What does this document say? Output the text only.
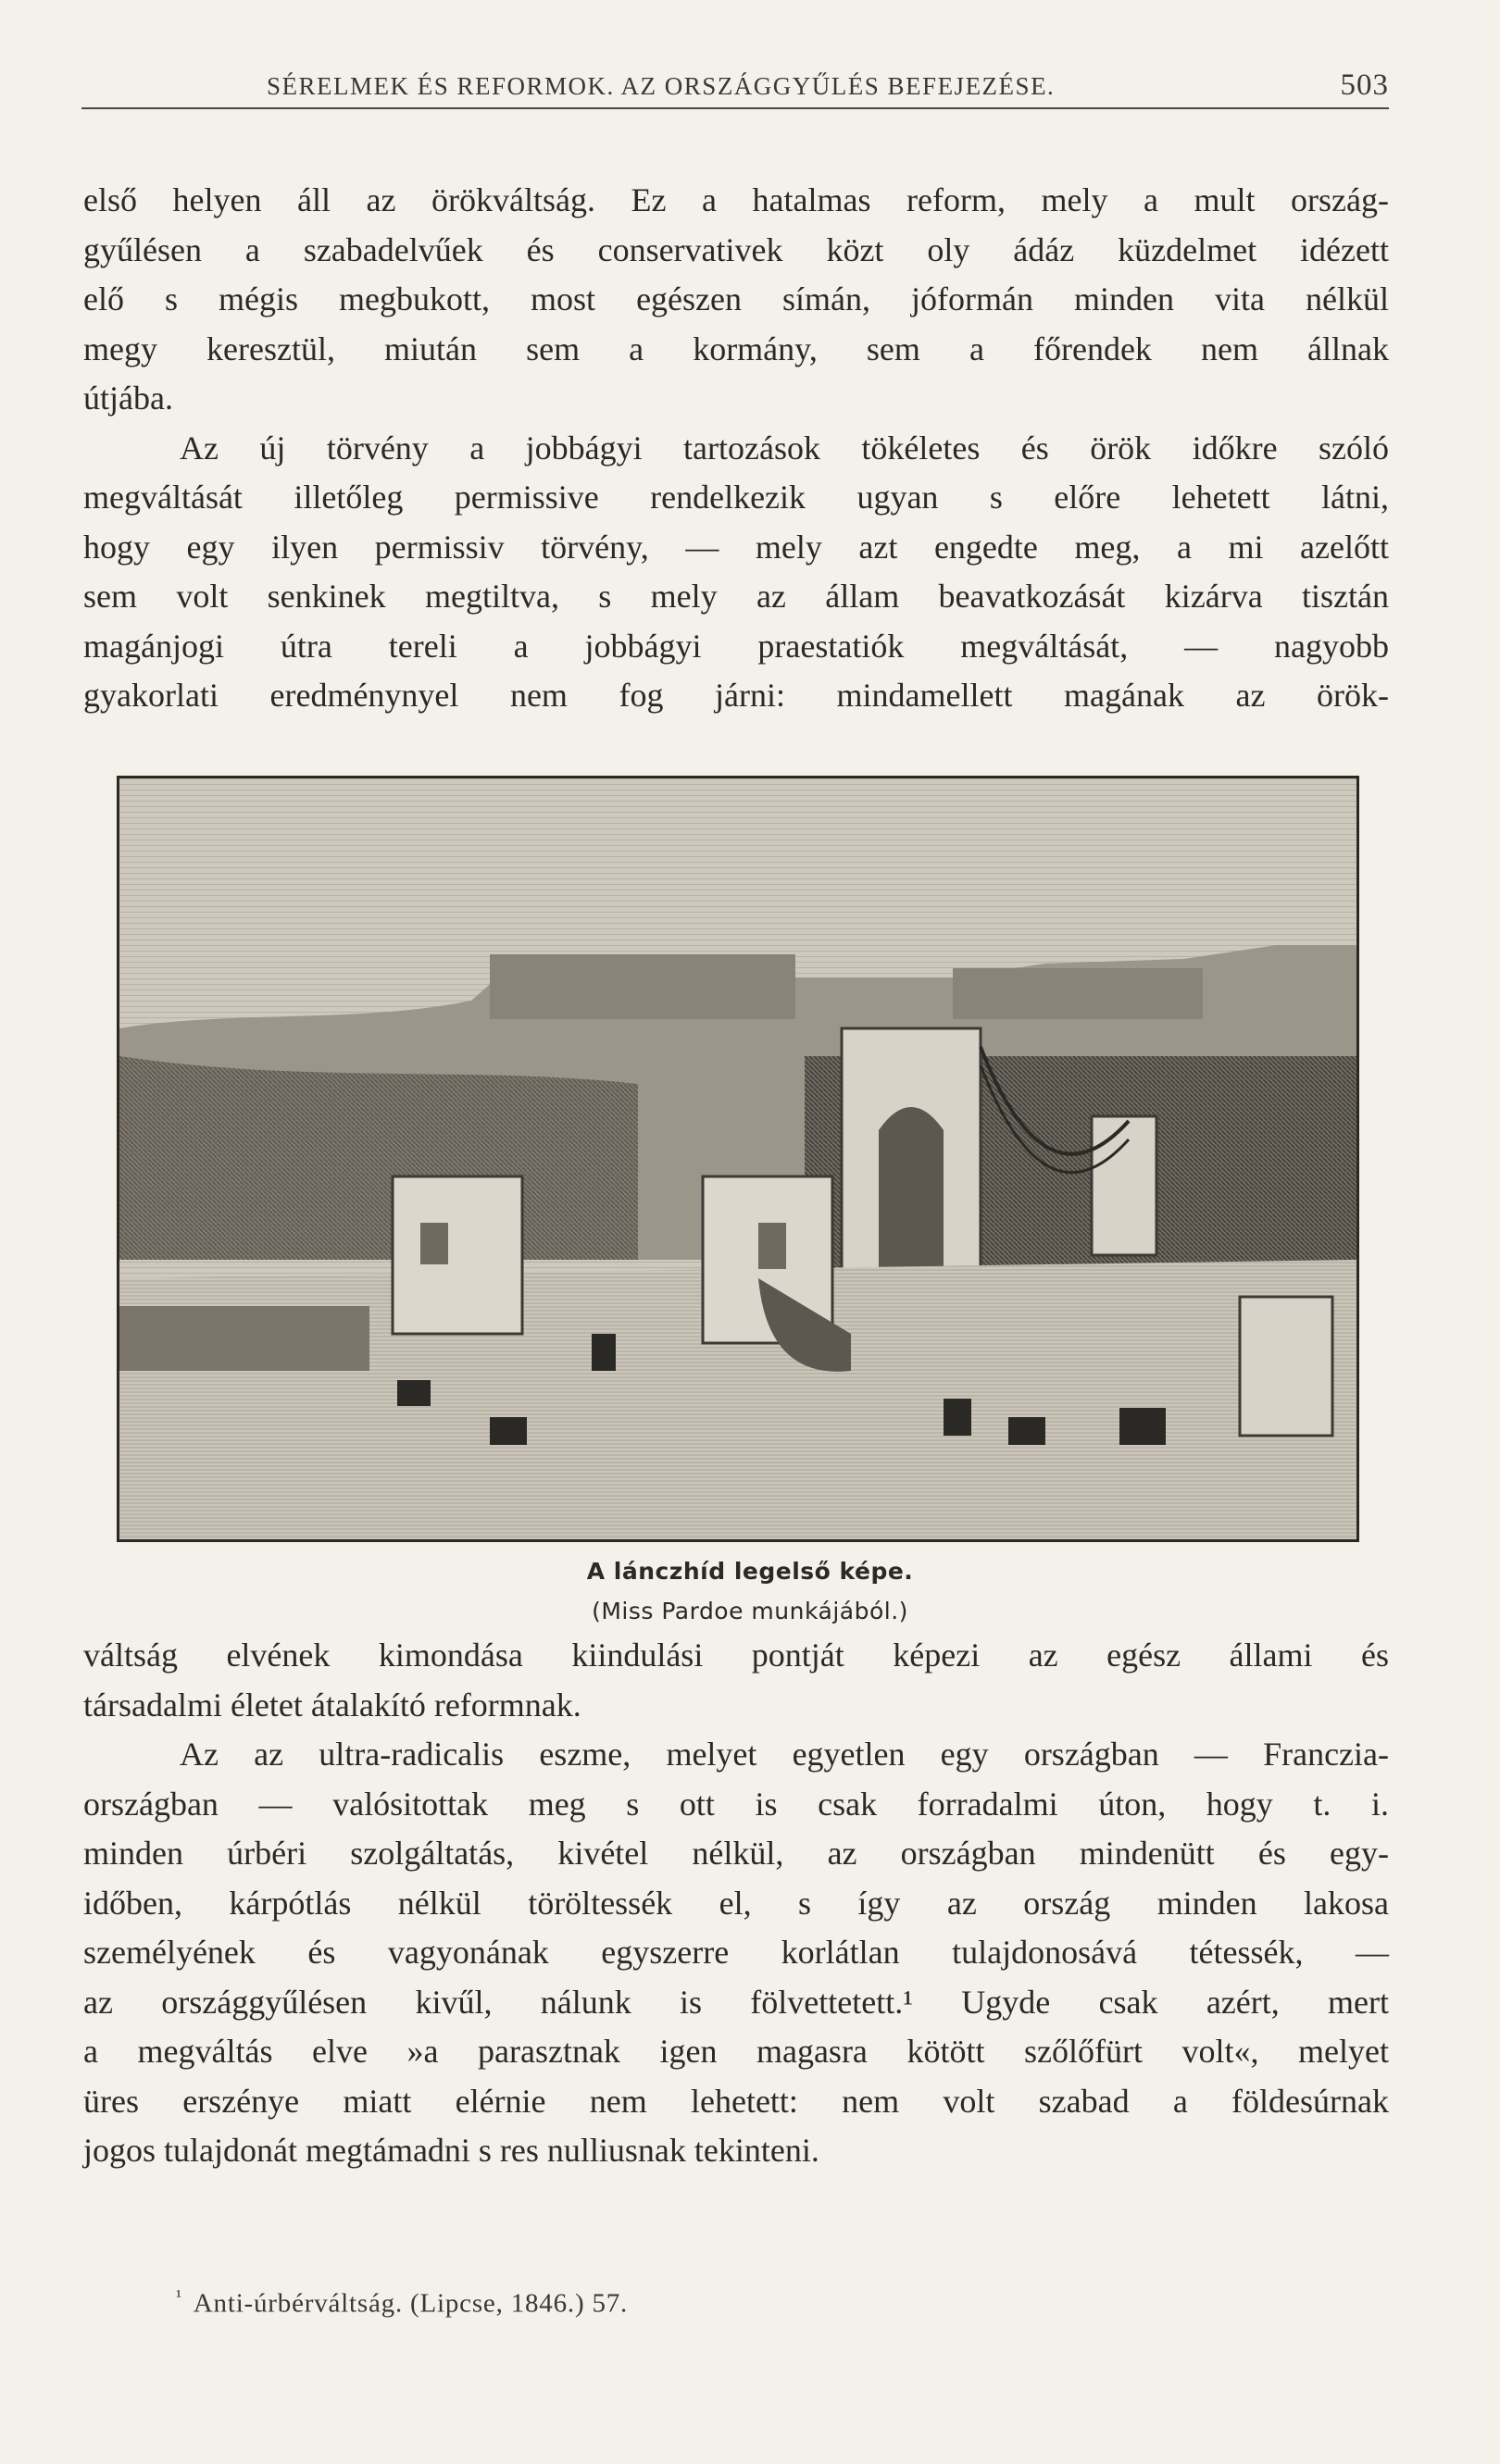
SÉRELMEK ÉS REFORMOK. AZ ORSZÁGGYŰLÉS BEFEJEZÉSE.	503
első helyen áll az örökváltság. Ez a hatalmas reform, mely a mult ország-
gyűlésen a szabadelvűek és conservativek közt oly ádáz küzdelmet idézett
elő s mégis megbukott, most egészen símán, jóformán minden vita nélkül
megy keresztül, miután sem a kormány, sem a főrendek nem állnak
útjába.
Az új törvény a jobbágyi tartozások tökéletes és örök időkre szóló
megváltását illetőleg permissive rendelkezik ugyan s előre lehetett látni,
hogy egy ilyen permissiv törvény, — mely azt engedte meg, a mi azelőtt
sem volt senkinek megtiltva, s mely az állam beavatkozását kizárva tisztán
magánjogi útra tereli a jobbágyi praestatiók megváltását, — nagyobb
gyakorlati eredménynyel nem fog járni: mindamellett magának az örök-
A lánczhíd legelső képe.
(Miss Pardoe munkájából.)
váltság elvének kimondása kiindulási pontját képezi az egész állami és
társadalmi életet átalakító reformnak.
Az az ultra-radicalis eszme, melyet egyetlen egy országban — Franczia-
országban — valósitottak meg s ott is csak forradalmi úton, hogy t. i.
minden úrbéri szolgáltatás, kivétel nélkül, az országban mindenütt és egy-
időben, kárpótlás nélkül töröltessék el, s így az ország minden lakosa
személyének és vagyonának egyszerre korlátlan tulajdonosává tétessék, —
az országgyűlésen kivűl, nálunk is fölvettetett.¹ Ugyde csak azért, mert
a megváltás elve »a parasztnak igen magasra kötött szőlőfürt volt«, melyet
üres erszénye miatt elérnie nem lehetett: nem volt szabad a földesúrnak
jogos tulajdonát megtámadni s res nulliusnak tekinteni.
$^{^1}$ Anti-úrbérváltság. (Lipcse, 1846.) 57.
